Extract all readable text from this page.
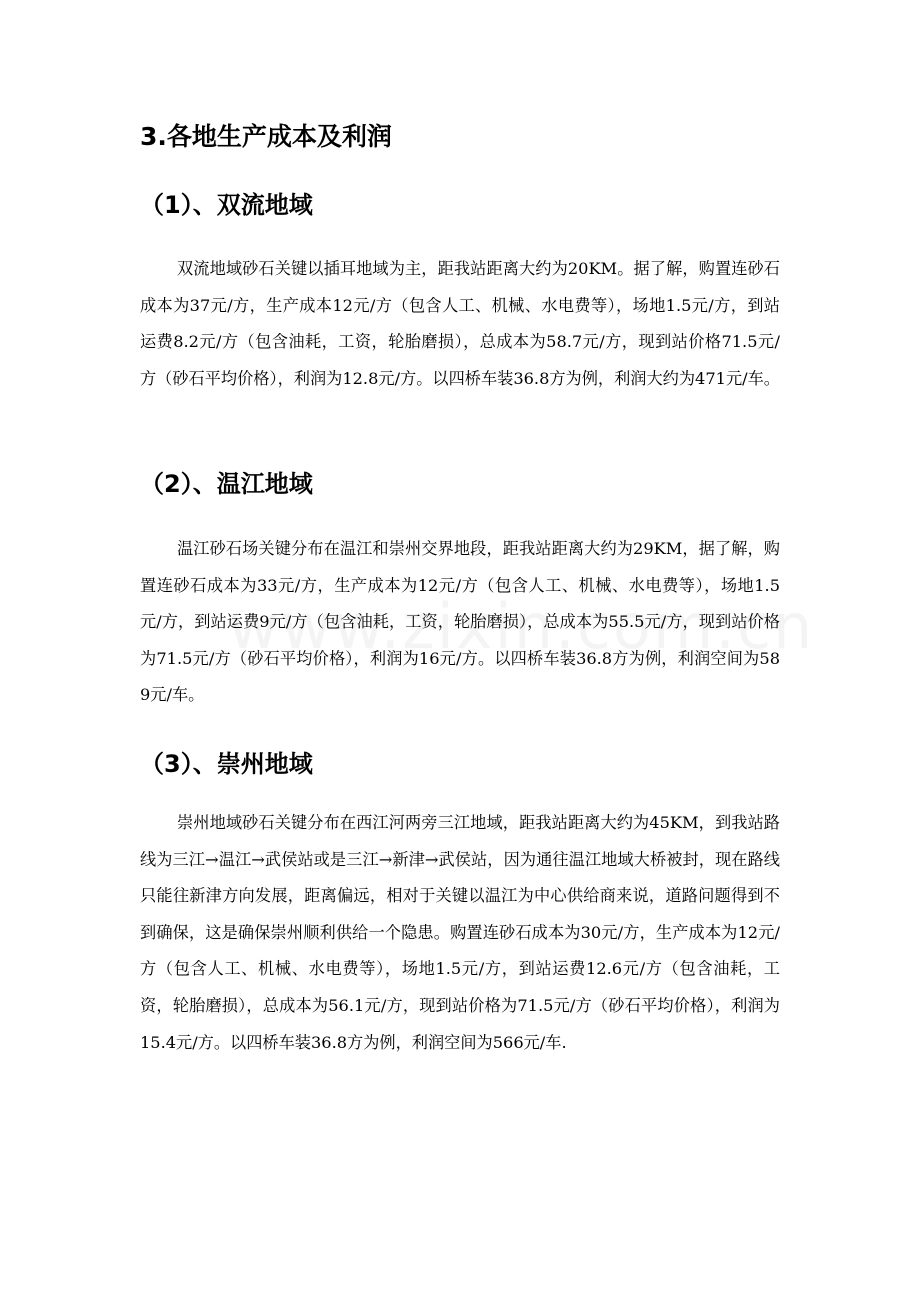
3.各地生产成本及利润
（1）、双流地域

双流地域砂石关键以插耳地域为主，距我站距离大约为20KM。据了解，购置连砂石成本为37元/方，生产成本12元/方（包含人工、机械、水电费等），场地1.5元/方，到站运费8.2元/方（包含油耗，工资，轮胎磨损），总成本为58.7元/方，现到站价格71.5元/方（砂石平均价格），利润为12.8元/方。以四桥车装36.8方为例，利润大约为471元/车。

（2）、温江地域

温江砂石场关键分布在温江和崇州交界地段，距我站距离大约为29KM，据了解，购置连砂石成本为33元/方，生产成本为12元/方（包含人工、机械、水电费等），场地1.5元/方，到站运费9元/方（包含油耗，工资，轮胎磨损），总成本为55.5元/方，现到站价格为71.5元/方（砂石平均价格），利润为16元/方。以四桥车装36.8方为例，利润空间为589元/车。

（3）、崇州地域

崇州地域砂石关键分布在西江河两旁三江地域，距我站距离大约为45KM，到我站路线为三江→温江→武侯站或是三江→新津→武侯站，因为通往温江地域大桥被封，现在路线只能往新津方向发展，距离偏远，相对于关键以温江为中心供给商来说，道路问题得到不到确保，这是确保崇州顺利供给一个隐患。购置连砂石成本为30元/方，生产成本为12元/方（包含人工、机械、水电费等），场地1.5元/方，到站运费12.6元/方（包含油耗，工资，轮胎磨损），总成本为56.1元/方，现到站价格为71.5元/方（砂石平均价格），利润为15.4元/方。以四桥车装36.8方为例，利润空间为566元/车.
